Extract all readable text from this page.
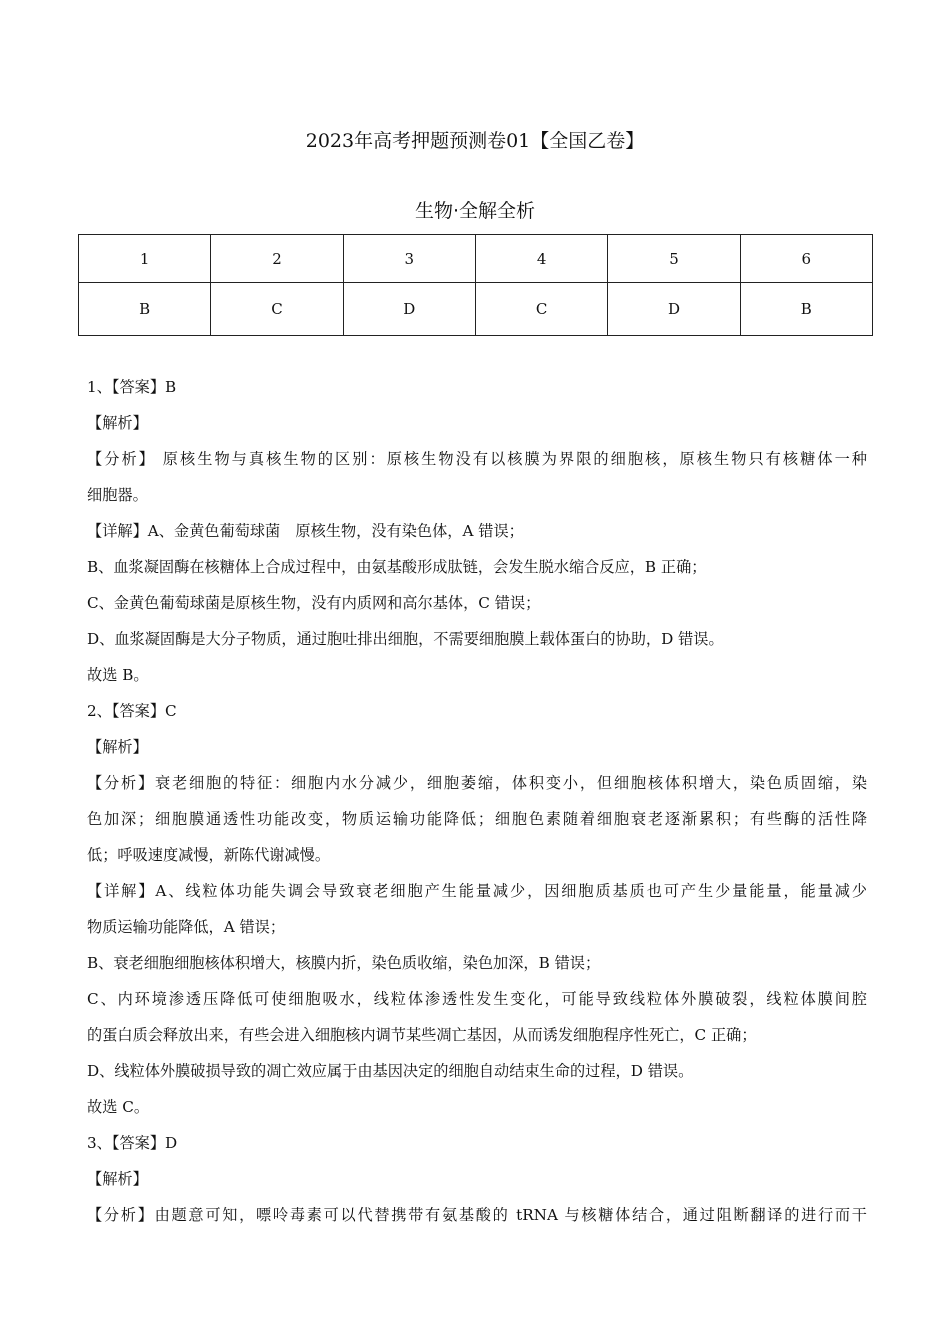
2023年高考押题预测卷01【全国乙卷】
生物·全解全析
1	2	3	4	5	6
B	C	D	C	D	B
1、【答案】B
【解析】
【分析】 原核生物与真核生物的区别：原核生物没有以核膜为界限的细胞核，原核生物只有核糖体一种
细胞器。
【详解】A、金黄色葡萄球菌　原核生物，没有染色体，A 错误；
B、血浆凝固酶在核糖体上合成过程中，由氨基酸形成肽链，会发生脱水缩合反应，B 正确；
C、金黄色葡萄球菌是原核生物，没有内质网和高尔基体，C 错误；
D、血浆凝固酶是大分子物质，通过胞吐排出细胞，不需要细胞膜上载体蛋白的协助，D 错误。
故选 B。
2、【答案】C
【解析】
【分析】衰老细胞的特征：细胞内水分减少，细胞萎缩，体积变小，但细胞核体积增大，染色质固缩，染
色加深；细胞膜通透性功能改变，物质运输功能降低；细胞色素随着细胞衰老逐渐累积；有些酶的活性降
低；呼吸速度减慢，新陈代谢减慢。
【详解】A、线粒体功能失调会导致衰老细胞产生能量减少，因细胞质基质也可产生少量能量，能量减少
物质运输功能降低，A 错误；
B、衰老细胞细胞核体积增大，核膜内折，染色质收缩，染色加深，B 错误；
C、内环境渗透压降低可使细胞吸水，线粒体渗透性发生变化，可能导致线粒体外膜破裂，线粒体膜间腔
的蛋白质会释放出来，有些会进入细胞核内调节某些凋亡基因，从而诱发细胞程序性死亡，C 正确；
D、线粒体外膜破损导致的凋亡效应属于由基因决定的细胞自动结束生命的过程，D 错误。
故选 C。
3、【答案】D
【解析】
【分析】由题意可知，嘌呤毒素可以代替携带有氨基酸的 tRNA 与核糖体结合，通过阻断翻译的进行而干
